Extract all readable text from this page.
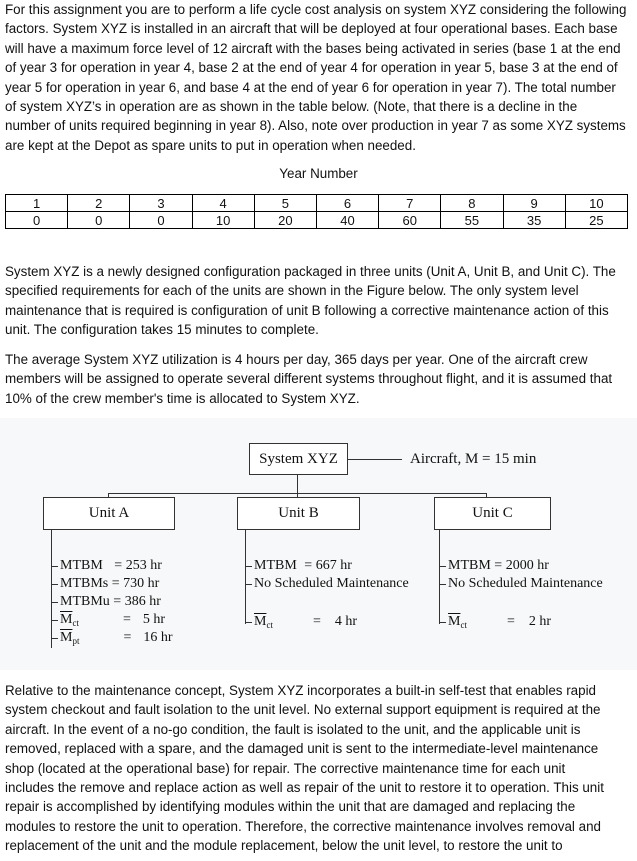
For this assignment you are to perform a life cycle cost analysis on system XYZ considering the following
factors. System XYZ is installed in an aircraft that will be deployed at four operational bases. Each base
will have a maximum force level of 12 aircraft with the bases being activated in series (base 1 at the end
of year 3 for operation in year 4, base 2 at the end of year 4 for operation in year 5, base 3 at the end of
year 5 for operation in year 6, and base 4 at the end of year 6 for operation in year 7). The total number
of system XYZ’s in operation are as shown in the table below. (Note, that there is a decline in the
number of units required beginning in year 8). Also, note over production in year 7 as some XYZ systems
are kept at the Depot as spare units to put in operation when needed.
Year Number
1	2	3	4	5	6	7	8	9	10
0	0	0	10	20	40	60	55	35	25
System XYZ is a newly designed configuration packaged in three units (Unit A, Unit B, and Unit C). The
specified requirements for each of the units are shown in the Figure below. The only system level
maintenance that is required is configuration of unit B following a corrective maintenance action of this
unit. The configuration takes 15 minutes to complete.
The average System XYZ utilization is 4 hours per day, 365 days per year. One of the aircraft crew
members will be assigned to operate several different systems throughout flight, and it is assumed that
10% of the crew member's time is allocated to System XYZ.
System XYZ	Aircraft, M = 15 min
Unit A
MTBM = 253 hr
MTBMs = 730 hr
MTBMu = 386 hr
$\overline{M}_{ct}$	= 5 hr
$\overline{M}_{pt}$	= 16 hr
Unit B
MTBM = 667 hr
No Scheduled Maintenance
$\overline{M}_{ct}$	= 4 hr
Unit C
MTBM = 2000 hr
No Scheduled Maintenance
$\overline{M}_{ct}$	= 2 hr
Relative to the maintenance concept, System XYZ incorporates a built-in self-test that enables rapid
system checkout and fault isolation to the unit level. No external support equipment is required at the
aircraft. In the event of a no-go condition, the fault is isolated to the unit, and the applicable unit is
removed, replaced with a spare, and the damaged unit is sent to the intermediate-level maintenance
shop (located at the operational base) for repair. The corrective maintenance time for each unit
includes the remove and replace action as well as repair of the unit to restore it to operation. This unit
repair is accomplished by identifying modules within the unit that are damaged and replacing the
modules to restore the unit to operation. Therefore, the corrective maintenance involves removal and
replacement of the unit and the module replacement, below the unit level, to restore the unit to
